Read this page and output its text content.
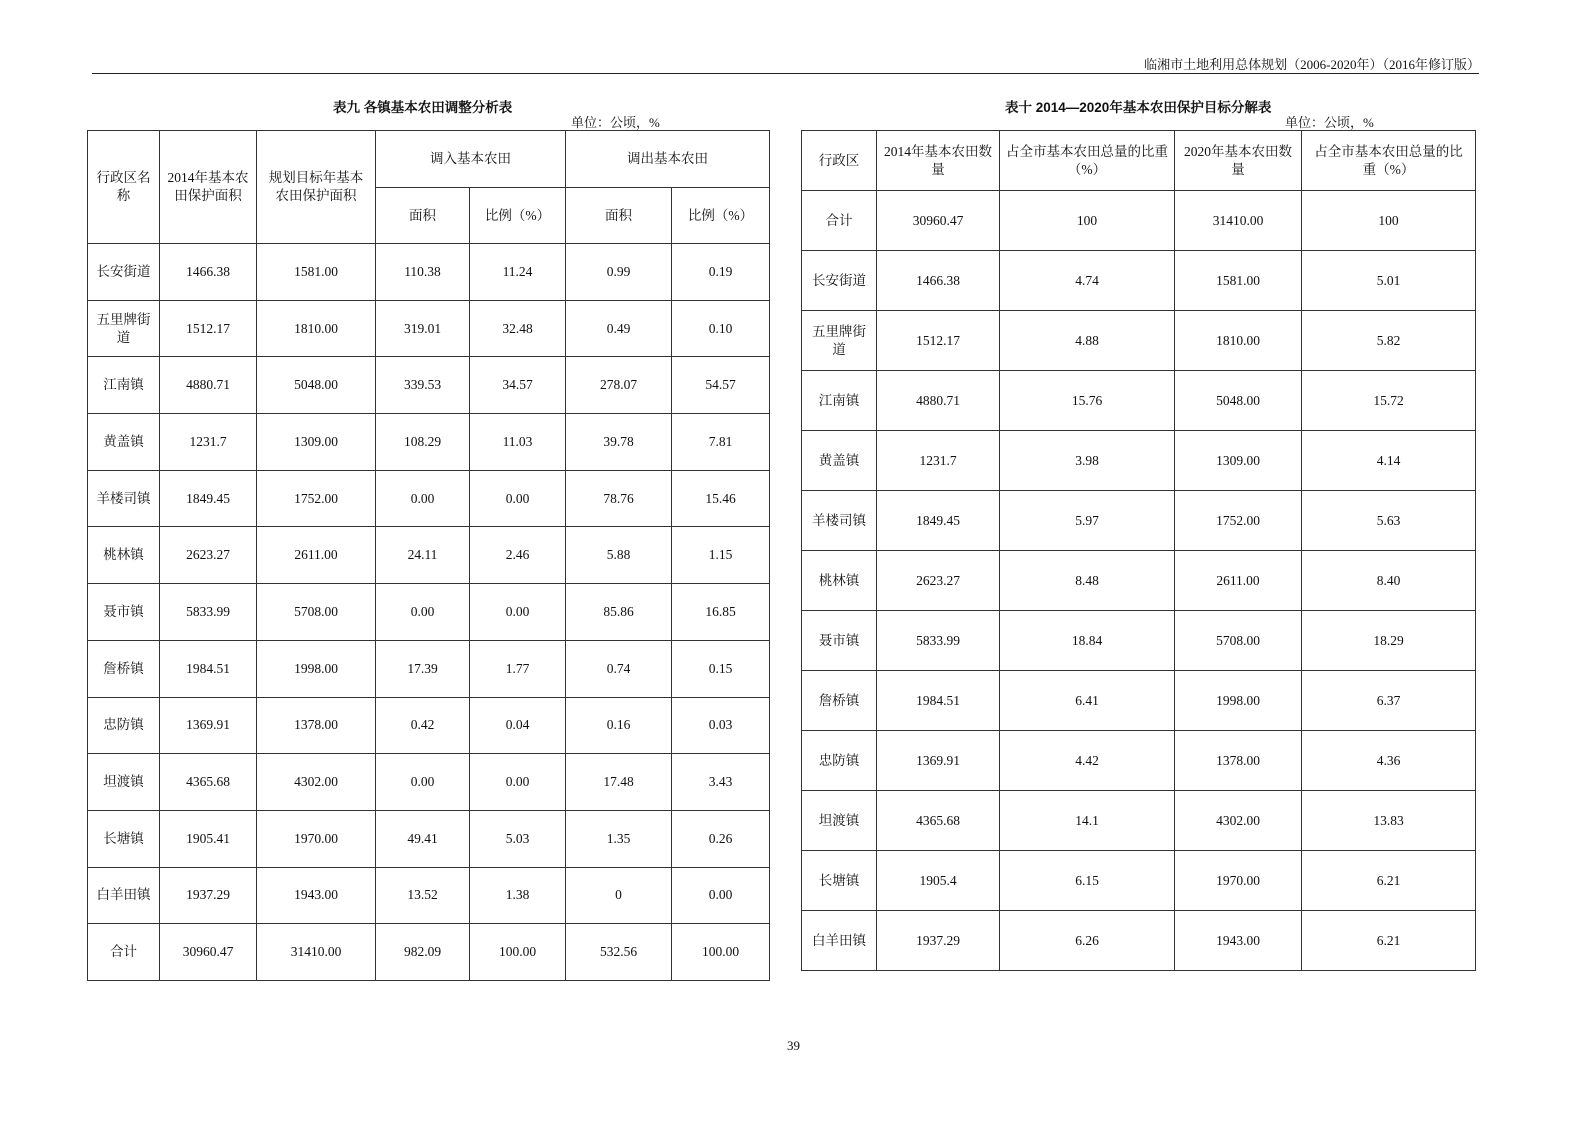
临湘市土地利用总体规划（2006-2020年）（2016年修订版）
表九 各镇基本农田调整分析表
单位：公顷，%
行政区名称	2014年基本农田保护面积	规划目标年基本农田保护面积	调入基本农田		调出基本农田	
			面积	比例（%）	面积	比例（%）
长安街道	1466.38	1581.00	110.38	11.24	0.99	0.19
五里牌街道	1512.17	1810.00	319.01	32.48	0.49	0.10
江南镇	4880.71	5048.00	339.53	34.57	278.07	54.57
黄盖镇	1231.7	1309.00	108.29	11.03	39.78	7.81
羊楼司镇	1849.45	1752.00	0.00	0.00	78.76	15.46
桃林镇	2623.27	2611.00	24.11	2.46	5.88	1.15
聂市镇	5833.99	5708.00	0.00	0.00	85.86	16.85
詹桥镇	1984.51	1998.00	17.39	1.77	0.74	0.15
忠防镇	1369.91	1378.00	0.42	0.04	0.16	0.03
坦渡镇	4365.68	4302.00	0.00	0.00	17.48	3.43
长塘镇	1905.41	1970.00	49.41	5.03	1.35	0.26
白羊田镇	1937.29	1943.00	13.52	1.38	0	0.00
合计	30960.47	31410.00	982.09	100.00	532.56	100.00
表十 2014—2020年基本农田保护目标分解表
单位：公顷，%
行政区	2014年基本农田数量	占全市基本农田总量的比重（%）	2020年基本农田数量	占全市基本农田总量的比重（%）
合计	30960.47	100	31410.00	100
长安街道	1466.38	4.74	1581.00	5.01
五里牌街道	1512.17	4.88	1810.00	5.82
江南镇	4880.71	15.76	5048.00	15.72
黄盖镇	1231.7	3.98	1309.00	4.14
羊楼司镇	1849.45	5.97	1752.00	5.63
桃林镇	2623.27	8.48	2611.00	8.40
聂市镇	5833.99	18.84	5708.00	18.29
詹桥镇	1984.51	6.41	1998.00	6.37
忠防镇	1369.91	4.42	1378.00	4.36
坦渡镇	4365.68	14.1	4302.00	13.83
长塘镇	1905.4	6.15	1970.00	6.21
白羊田镇	1937.29	6.26	1943.00	6.21
39
